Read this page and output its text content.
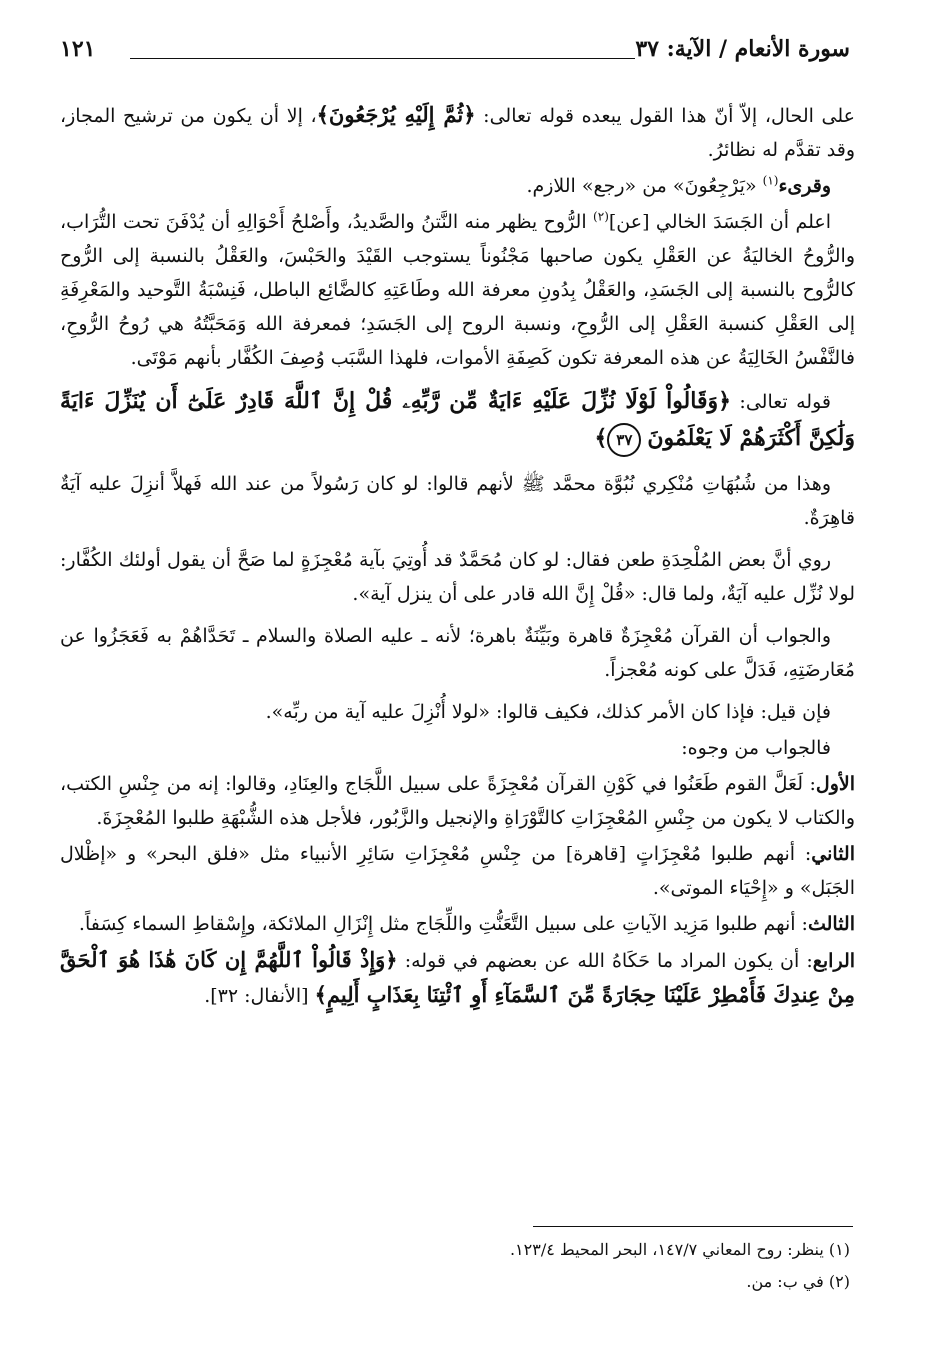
سورة الأنعام / الآية: ٣٧
١٢١

على الحال، إلاّ أنّ هذا القول يبعده قوله تعالى: ﴿ثُمَّ إِلَيْهِ يُرْجَعُونَ﴾، إلا أن يكون من ترشيح المجاز، وقد تقدَّم له نظائرُ.

وقرىء$^{(١)}$ «يَرْجِعُونَ» من «رجع» اللازم.

اعلم أن الجَسَدَ الخالي [عن]$^{(٢)}$ الرُّوح يظهر منه النَّتنُ والصَّديدُ، وأَصْلحُ أَحْوَالِهِ أن يُدْفَنَ تحت التُّرَاب، والرُّوحُ الخاليَةُ عن العَقْلِ يكون صاحبها مَجْنُوناً يستوجب القَيْدَ والحَبْسَ، والعَقْلُ بالنسبة إلى الرُّوح كالرُّوح بالنسبة إلى الجَسَدِ، والعَقْلُ بِدُونِ معرفة الله وطَاعَتِهِ كالضَّائِع الباطل، فَنِسْبَةُ التَّوحيد والمَعْرِفَةِ إلى العَقْلِ كنسبة العَقْلِ إلى الرُّوحِ، ونسبة الروح إلى الجَسَدِ؛ فمعرفة الله وَمَحَبَّتُهُ هي رُوحُ الرُّوحِ، فالنَّفْسُ الخَالِيَةُ عن هذه المعرفة تكون كَصِفَةِ الأموات، فلهذا السَّبَب وُصِفَ الكُفَّار بأنهم مَوْتَى.

قوله تعالى: ﴿وَقَالُواْ لَوْلَا نُزِّلَ عَلَيْهِ ءَايَةٌ مِّن رَّبِّهِۦ قُلْ إِنَّ ٱللَّهَ قَادِرٌ عَلَىٰٓ أَن يُنَزِّلَ ءَايَةً وَلَٰكِنَّ أَكْثَرَهُمْ لَا يَعْلَمُونَ ٣٧﴾

وهذا من شُبُهَاتِ مُنْكِري نُبُوَّة محمَّد ﷺ لأنهم قالوا: لو كان رَسُولاً من عند الله فَهلاَّ أنزِلَ عليه آيَةٌ قاهِرَةٌ.

روي أنَّ بعض المُلْحِدَةِ طعن فقال: لو كان مُحَمَّدٌ قد أُوتِيَ بآية مُعْجِزَةٍ لما صَحَّ أن يقول أولئك الكُفَّار: لولا نُزِّل عليه آيَةٌ، ولما قال: «قُلْ إِنَّ الله قادر على أن ينزل آية».

والجواب أن القرآن مُعْجِزَةٌ قاهرة وبَيِّنَةٌ باهرة؛ لأنه ـ عليه الصلاة والسلام ـ تَحَدَّاهُمْ به فَعَجَزُوا عن مُعَارضَتِهِ، فَدَلَّ على كونه مُعْجزاً.

فإن قيل: فإذا كان الأمر كذلك، فكيف قالوا: «لولا أُنْزِلَ عليه آية من ربِّه».

فالجواب من وجوه:

الأول: لَعَلَّ القوم طَعَنُوا في كَوْنِ القرآن مُعْجِزَةً على سبيل اللَّجَاج والعِنَادِ، وقالوا: إنه من جِنْسِ الكتب، والكتاب لا يكون من جِنْسِ المُعْجِزَاتِ كالتَّوْرَاةِ والإنجيل والزَّبُور، فلأجل هذه الشُّبْهَةِ طلبوا المُعْجِزَةَ.

الثاني: أنهم طلبوا مُعْجِزَاتٍ [قاهرة] من جِنْسِ مُعْجِزَاتِ سَائِرِ الأنبياء مثل «فلق البحر» و «إظْلال الجَبَل» و «إِحْيَاء الموتى».

الثالث: أنهم طلبوا مَزِيد الآياتِ على سبيل التَّعَنُّتِ واللِّجَاج مثل إِنْزَالِ الملائكة، وإِسْقاطِ السماء كِسَفاً.

الرابع: أن يكون المراد ما حَكَاهُ الله عن بعضهم في قوله: ﴿وَإِذْ قَالُواْ ٱللَّهُمَّ إِن كَانَ هَٰذَا هُوَ ٱلْحَقَّ مِنْ عِندِكَ فَأَمْطِرْ عَلَيْنَا حِجَارَةً مِّنَ ٱلسَّمَآءِ أَوِ ٱئْتِنَا بِعَذَابٍ أَلِيمٍ﴾ [الأنفال: ٣٢].

(١) ينظر: روح المعاني ١٤٧/٧، البحر المحيط ١٢٣/٤.

(٢) في ب: من.
